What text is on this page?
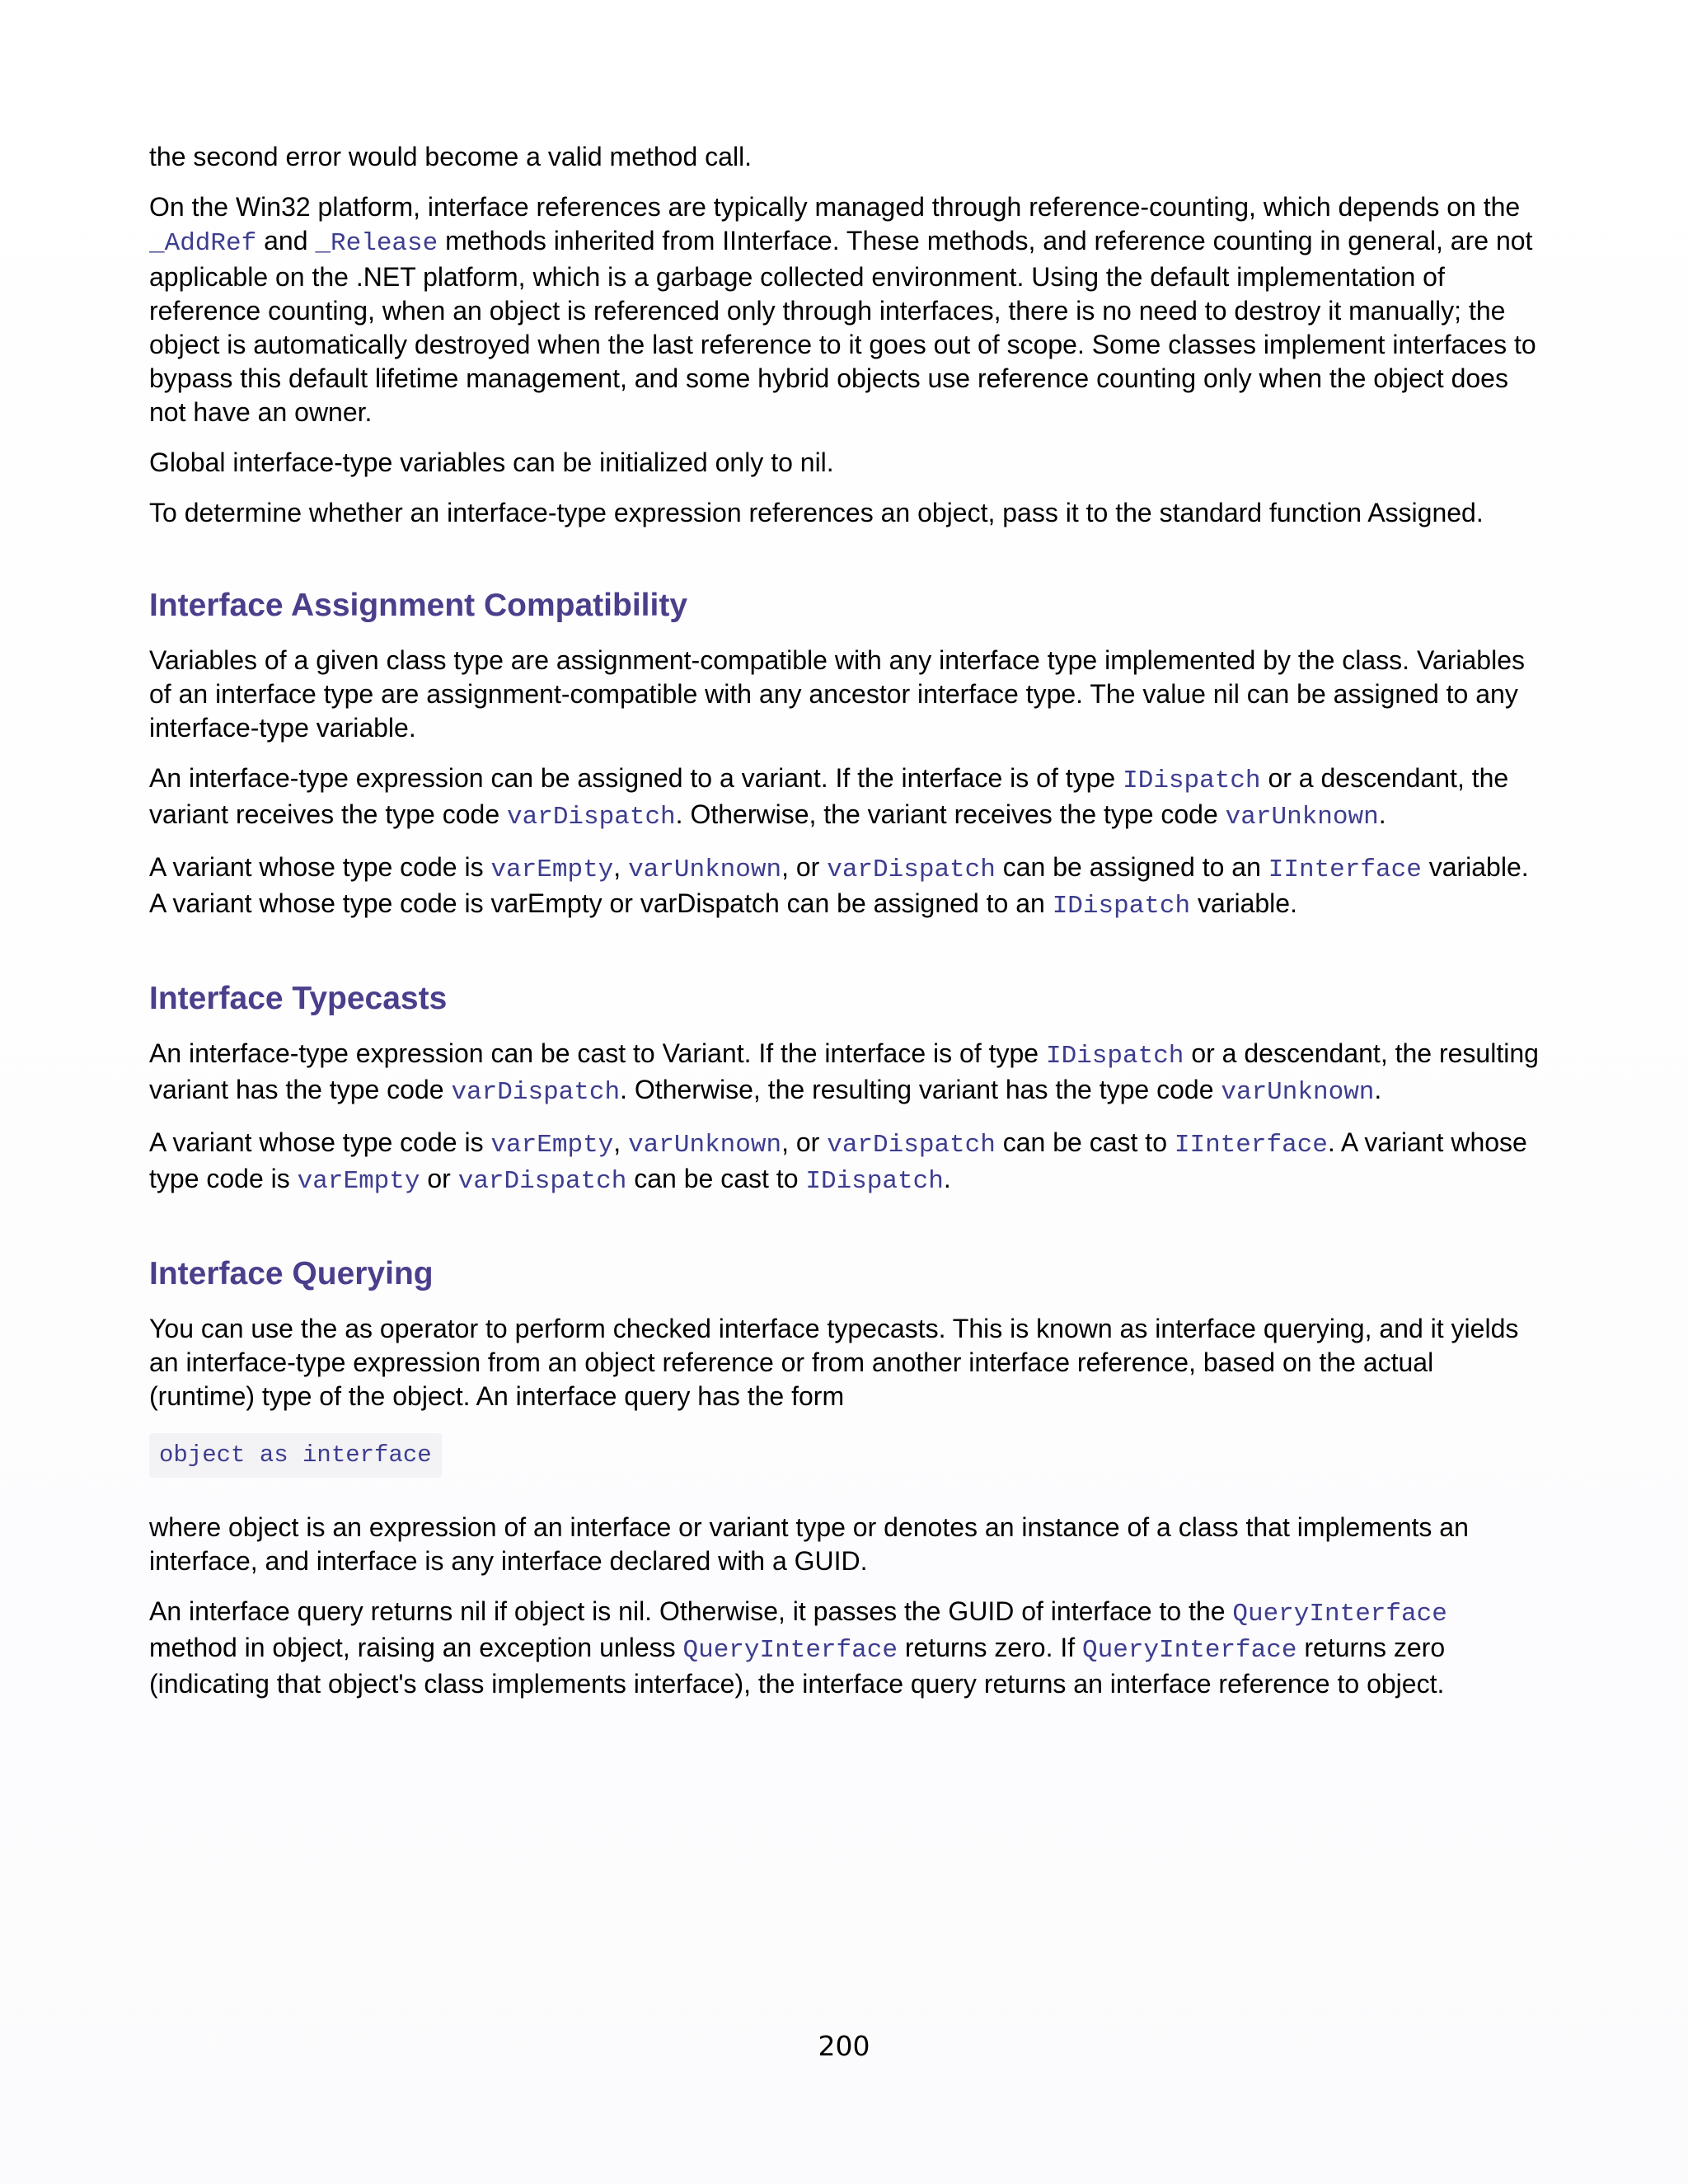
the second error would become a valid method call.

On the Win32 platform, interface references are typically managed through reference-counting, which depends on the _AddRef and _Release methods inherited from IInterface. These methods, and reference counting in general, are not applicable on the .NET platform, which is a garbage collected environment. Using the default implementation of reference counting, when an object is referenced only through interfaces, there is no need to destroy it manually; the object is automatically destroyed when the last reference to it goes out of scope. Some classes implement interfaces to bypass this default lifetime management, and some hybrid objects use reference counting only when the object does not have an owner.

Global interface-type variables can be initialized only to nil.

To determine whether an interface-type expression references an object, pass it to the standard function Assigned.

Interface Assignment Compatibility

Variables of a given class type are assignment-compatible with any interface type implemented by the class. Variables of an interface type are assignment-compatible with any ancestor interface type. The value nil can be assigned to any interface-type variable.

An interface-type expression can be assigned to a variant. If the interface is of type IDispatch or a descendant, the variant receives the type code varDispatch. Otherwise, the variant receives the type code varUnknown.

A variant whose type code is varEmpty, varUnknown, or varDispatch can be assigned to an IInterface variable. A variant whose type code is varEmpty or varDispatch can be assigned to an IDispatch variable.

Interface Typecasts

An interface-type expression can be cast to Variant. If the interface is of type IDispatch or a descendant, the resulting variant has the type code varDispatch. Otherwise, the resulting variant has the type code varUnknown.

A variant whose type code is varEmpty, varUnknown, or varDispatch can be cast to IInterface. A variant whose type code is varEmpty or varDispatch can be cast to IDispatch.

Interface Querying

You can use the as operator to perform checked interface typecasts. This is known as interface querying, and it yields an interface-type expression from an object reference or from another interface reference, based on the actual (runtime) type of the object. An interface query has the form

object as interface

where object is an expression of an interface or variant type or denotes an instance of a class that implements an interface, and interface is any interface declared with a GUID.

An interface query returns nil if object is nil. Otherwise, it passes the GUID of interface to the QueryInterface method in object, raising an exception unless QueryInterface returns zero. If QueryInterface returns zero (indicating that object's class implements interface), the interface query returns an interface reference to object.

200
